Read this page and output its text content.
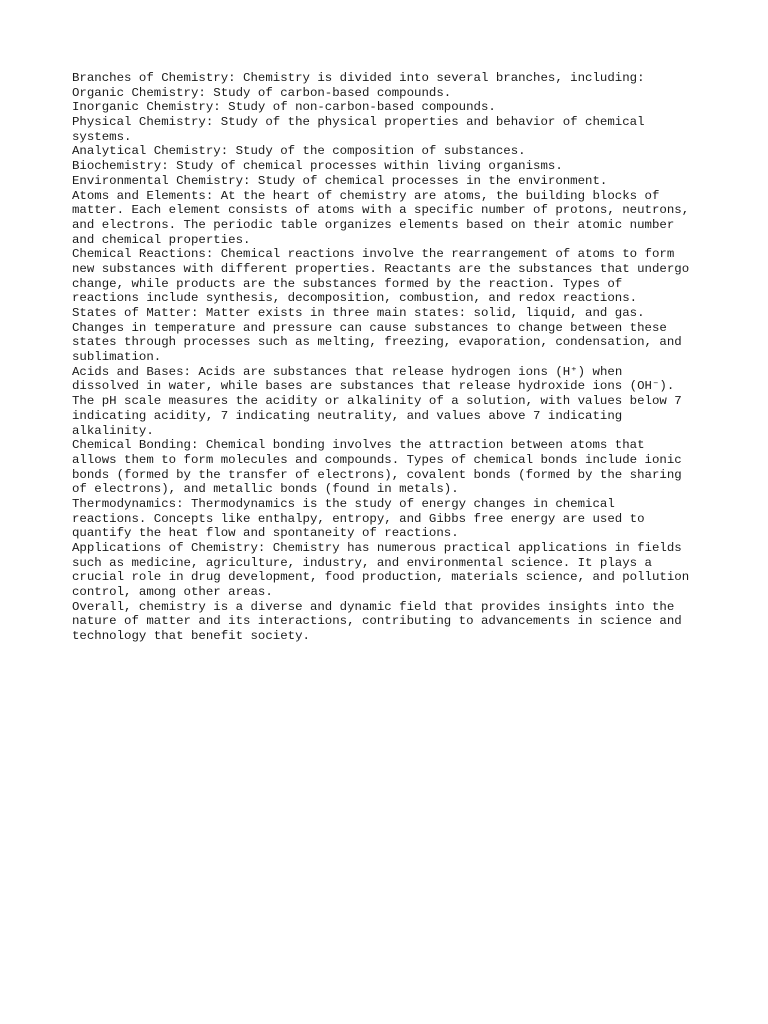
Branches of Chemistry: Chemistry is divided into several branches, including:
Organic Chemistry: Study of carbon-based compounds.
Inorganic Chemistry: Study of non-carbon-based compounds.
Physical Chemistry: Study of the physical properties and behavior of chemical
systems.
Analytical Chemistry: Study of the composition of substances.
Biochemistry: Study of chemical processes within living organisms.
Environmental Chemistry: Study of chemical processes in the environment.
Atoms and Elements: At the heart of chemistry are atoms, the building blocks of
matter. Each element consists of atoms with a specific number of protons, neutrons,
and electrons. The periodic table organizes elements based on their atomic number
and chemical properties.
Chemical Reactions: Chemical reactions involve the rearrangement of atoms to form
new substances with different properties. Reactants are the substances that undergo
change, while products are the substances formed by the reaction. Types of
reactions include synthesis, decomposition, combustion, and redox reactions.
States of Matter: Matter exists in three main states: solid, liquid, and gas.
Changes in temperature and pressure can cause substances to change between these
states through processes such as melting, freezing, evaporation, condensation, and
sublimation.
Acids and Bases: Acids are substances that release hydrogen ions (H⁺) when
dissolved in water, while bases are substances that release hydroxide ions (OH⁻).
The pH scale measures the acidity or alkalinity of a solution, with values below 7
indicating acidity, 7 indicating neutrality, and values above 7 indicating
alkalinity.
Chemical Bonding: Chemical bonding involves the attraction between atoms that
allows them to form molecules and compounds. Types of chemical bonds include ionic
bonds (formed by the transfer of electrons), covalent bonds (formed by the sharing
of electrons), and metallic bonds (found in metals).
Thermodynamics: Thermodynamics is the study of energy changes in chemical
reactions. Concepts like enthalpy, entropy, and Gibbs free energy are used to
quantify the heat flow and spontaneity of reactions.
Applications of Chemistry: Chemistry has numerous practical applications in fields
such as medicine, agriculture, industry, and environmental science. It plays a
crucial role in drug development, food production, materials science, and pollution
control, among other areas.
Overall, chemistry is a diverse and dynamic field that provides insights into the
nature of matter and its interactions, contributing to advancements in science and
technology that benefit society.
